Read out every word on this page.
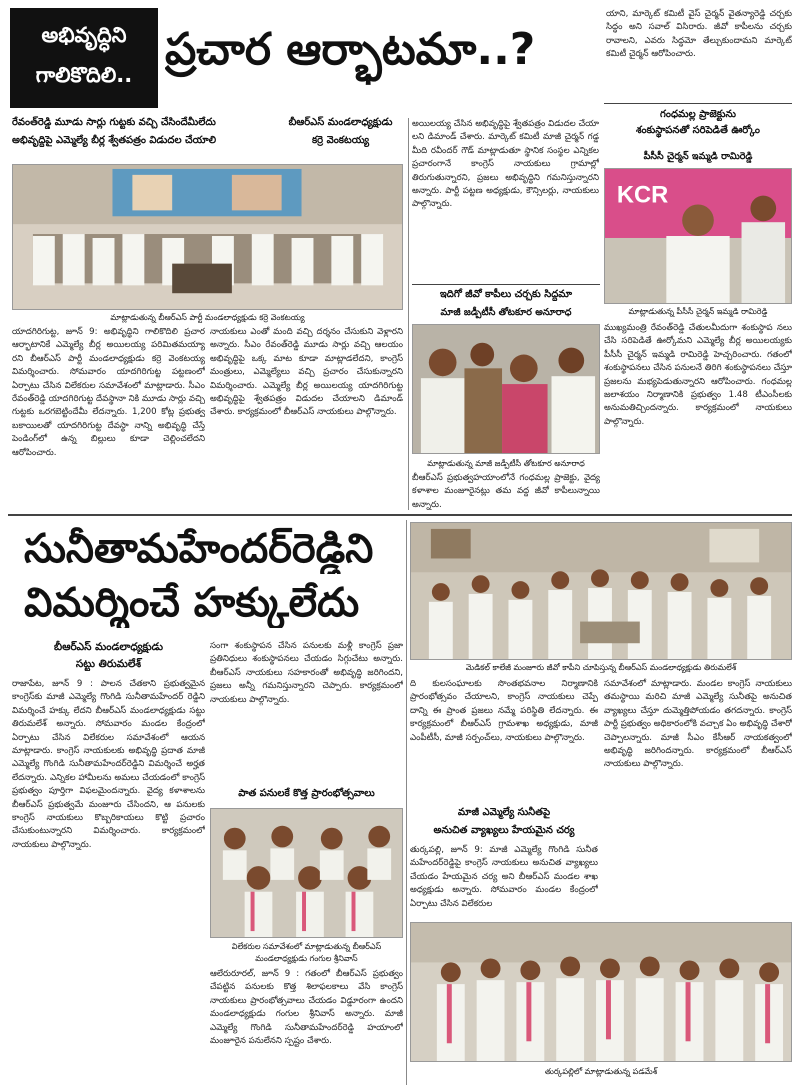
అభివృద్ధిని
గాలికొదిలి.. ప్రచార ఆర్భాటమా..?
రేవంత్‌రెడ్డి మూడు సార్లు గుట్టకు వచ్చి చేసిందేమీలేదు
అభివృద్ధిపై ఎమ్మెల్యే బీర్ల శ్వేతపత్రం విడుదల చేయాలి
బీఆర్‌ఎస్‌ మండలాధ్యక్షుడు
కర్రె వెంకటయ్య
మాట్లాడుతున్న బీఆర్‌ఎస్‌ పార్టీ మండలాధ్యక్షుడు కర్రె వెంకటయ్య
యాదగిరిగుట్ట, జూన్‌ 9: అభివృద్ధిని గాలికొదిలి ప్రచార ఆర్భాటానికే ఎమ్మెల్యే బీర్ల అయిలయ్య పరిమితమయ్యా రని బీఆర్‌ఎస్‌ పార్టీ మండలాధ్యక్షుడు కర్రె వెంకటయ్య విమర్శించారు. సోమవారం యాదగిరిగుట్ట పట్టణంలో ఏర్పాటు చేసిన విలేకరుల సమావేశంలో మాట్లాడారు. సీఎం రేవంత్‌రెడ్డి యాదగిరిగుట్ట దేవస్థానా నికి మూడు సార్లు వచ్చి గుట్టకు ఒరగబెట్టిందేమీ లేదన్నారు. 1,200 కోట్ల ప్రభుత్వ బకాయిలతో యాదగిరిగుట్ట దేవస్థా నాన్ని అభివృద్ధి చేస్తే పెండింగ్‌లో ఉన్న బిల్లులు కూడా చెల్లించలేదని ఆరోపించారు.
నాయకులు ఎంతో మంది వచ్చి దర్శనం చేసుకుని వెళ్లారని అన్నారు. సీఎం రేవంత్‌రెడ్డి మూడు సార్లు వచ్చి ఆలయం అభివృద్ధిపై ఒక్క మాట కూడా మాట్లాడలేదని, కాంగ్రెస్‌ మంత్రులు, ఎమ్మెల్యేలు వచ్చి ప్రచారం చేసుకున్నారని విమర్శించారు. ఎమ్మెల్యే బీర్ల అయిలయ్య యాదగిరిగుట్ట అభివృద్ధిపై శ్వేతపత్రం విడుదల చేయాలని డిమాండ్‌ చేశారు. కార్యక్రమంలో బీఆర్‌ఎస్‌ నాయకులు పాల్గొన్నారు.
అయిలయ్య చేసిన అభివృద్ధిపై శ్వేతపత్రం విడుదల చేయా లని డిమాండ్‌ చేశారు. మార్కెట్‌ కమిటీ మాజీ చైర్మన్‌ గడ్డ మీది రవీందర్‌ గౌడ్‌ మాట్లాడుతూ స్థానిక సంస్థల ఎన్నికల ప్రచారంగానే కాంగ్రెస్‌ నాయకులు గ్రామాల్లో తిరుగుతున్నారని, ప్రజలు అభివృద్ధిని గమనిస్తున్నారని అన్నారు. పార్టీ పట్టణ అధ్యక్షుడు, కౌన్సిలర్లు, నాయకులు పాల్గొన్నారు.
యాని, మార్కెట్‌ కమిటీ వైస్‌ చైర్మన్‌ వైతన్యారెడ్డి చర్చకు సిద్ధం అని సవాల్‌ విసిరారు. జీవో కాపీలను చర్చకు రావాలని, ఎవరు సిద్ధమో తేల్చుకుందామని మార్కెట్‌ కమిటీ చైర్మన్‌ ఆరోపించారు.
గంధమల్ల ప్రాజెక్టును
శంకుస్థాపనతో సరిపెడితే ఊర్కోం
పీసీసీ చైర్మన్‌ ఇమ్మడి రామిరెడ్డి
KCR
మాట్లాడుతున్న పీసీసీ చైర్మన్‌ ఇమ్మడి రామిరెడ్డి
ముఖ్యమంత్రి రేవంత్‌రెడ్డి చేతులమీదుగా శంకుస్థాప నలు చేసి సరిపెడితే ఊర్కోమని ఎమ్మెల్యే బీర్ల అయిలయ్యకు పీసీసీ చైర్మన్‌ ఇమ్మడి రామిరెడ్డి హెచ్చరించారు. గతంలో శంకుస్థాపనలు చేసిన పనులనే తిరిగి శంకుస్థాపనలు చేస్తూ ప్రజలను మభ్యపెడుతున్నారని ఆరోపించారు. గంధమల్ల జలాశయం నిర్మాణానికి ప్రభుత్వం 1.48 టీఎంసీలకు అనుమతిచ్చిందన్నారు. కార్యక్రమంలో నాయకులు పాల్గొన్నారు.
ఇదిగో జీవో కాపీలు చర్చకు సిద్ధమా
మాజీ జడ్పీటీసీ తోటకూర అనూరాధ
మాట్లాడుతున్న మాజీ జడ్పీటీసీ తోటకూర అనూరాధ
బీఆర్‌ఎస్‌ ప్రభుత్వహయాంలోనే గంధమల్ల ప్రాజెక్టు, వైద్య కళాశాల మంజూరైనట్లు తమ వద్ద జీవో కాపీలున్నాయి అన్నారు.
సునీతామహేందర్‌రెడ్డిని
విమర్శించే హక్కులేదు
బీఆర్‌ఎస్‌ మండలాధ్యక్షుడు
సట్టు తిరుమలేశ్‌
రాజాపేట, జూన్‌ 9 : పాలన చేతకాని ప్రభుత్వమైన కాంగ్రెస్‌కు మాజీ ఎమ్మెల్యే గొంగిడి సునీతామహేందర్‌ రెడ్డిని విమర్శించే హక్కు లేదని బీఆర్‌ఎస్‌ మండలాధ్యక్షుడు సట్టు తిరుమలేశ్‌ అన్నారు. సోమవారం మండల కేంద్రంలో ఏర్పాటు చేసిన విలేకరుల సమావేశంలో ఆయన మాట్లాడారు. కాంగ్రెస్‌ నాయకులకు అభివృద్ధి ప్రదాత మాజీ ఎమ్మెల్యే గొంగిడి సునీతామహేందర్‌రెడ్డిని విమర్శించే అర్హత లేదన్నారు. ఎన్నికల హామీలను అమలు చేయడంలో కాంగ్రెస్‌ ప్రభుత్వం పూర్తిగా విఫలమైందన్నారు. వైద్య కళాశాలను బీఆర్‌ఎస్‌ ప్రభుత్వమే మంజూరు చేసిందని, ఆ పనులకు కాంగ్రెస్‌ నాయకులు కొబ్బరికాయలు కొట్టి ప్రచారం చేసుకుంటున్నారని విమర్శించారు. కార్యక్రమంలో నాయకులు పాల్గొన్నారు.
సంగా శంకుస్థాపన చేసిన పనులకు మళ్లీ కాంగ్రెస్‌ ప్రజా ప్రతినిధులు శంకుస్థాపనలు చేయడం సిగ్గుచేటు అన్నారు. బీఆర్‌ఎస్‌ నాయకులు సహకారంతో అభివృద్ధి జరిగిందని, ప్రజలు అన్నీ గమనిస్తున్నారని చెప్పారు. కార్యక్రమంలో నాయకులు పాల్గొన్నారు.
పాత పనులకే కొత్త ప్రారంభోత్సవాలు
విలేకరుల సమావేశంలో మాట్లాడుతున్న బీఆర్‌ఎస్‌
మండలాధ్యక్షుడు గంగుల శ్రీనివాస్‌
ఆలేరురూరల్‌, జూన్‌ 9 : గతంలో బీఆర్‌ఎస్‌ ప్రభుత్వం చేపట్టిన పనులకు కొత్త శిలాఫలకాలు వేసి కాంగ్రెస్‌ నాయకులు ప్రారంభోత్సవాలు చేయడం విడ్డూరంగా ఉందని మండలాధ్యక్షుడు గంగుల శ్రీనివాస్‌ అన్నారు. మాజీ ఎమ్మెల్యే గొంగిడి సునీతామహేందర్‌రెడ్డి హయాంలో మంజూరైన పనులేనని స్పష్టం చేశారు.
మెడికల్‌ కాలేజీ మంజూరు జీవో కాపీని చూపిస్తున్న బీఆర్‌ఎస్‌ మండలాధ్యక్షుడు తిరుమలేశ్‌
ది కులసంఘాలకు సొంతభవనాల నిర్మాణానికి ప్రారంభోత్సవం చేయాలని, కాంగ్రెస్‌ నాయకులు చెప్పే దాన్ని ఈ ప్రాంత ప్రజలు నమ్మే పరిస్థితి లేదన్నారు. ఈ కార్యక్రమంలో బీఆర్‌ఎస్‌ గ్రామశాఖ అధ్యక్షుడు, మాజీ ఎంపీటీసీ, మాజీ సర్పంచ్‌లు, నాయకులు పాల్గొన్నారు.
సమావేశంలో మాట్లాడారు. మండల కాంగ్రెస్‌ నాయకులు తమస్థాయి మరిచి మాజీ ఎమ్మెల్యే సునీతపై అనుచిత వ్యాఖ్యలు చేస్తూ దుమ్మెత్తిపోయడం తగదన్నారు. కాంగ్రెస్‌ పార్టీ ప్రభుత్వం అధికారంలోకి వచ్చాక ఏం అభివృద్ధి చేశారో చెప్పాలన్నారు. మాజీ సీఎం కేసీఆర్‌ నాయకత్వంలో అభివృద్ధి జరిగిందన్నారు. కార్యక్రమంలో బీఆర్‌ఎస్‌ నాయకులు పాల్గొన్నారు.
మాజీ ఎమ్మెల్యే సునీతపై
అనుచిత వ్యాఖ్యలు హేయమైన చర్య
తుర్కపల్లి, జూన్‌ 9: మాజీ ఎమ్మెల్యే గొంగిడి సునీత మహేందర్‌రెడ్డిపై కాంగ్రెస్‌ నాయకులు అనుచిత వ్యాఖ్యలు చేయడం హేయమైన చర్య అని బీఆర్‌ఎస్‌ మండల శాఖ అధ్యక్షుడు అన్నారు. సోమవారం మండల కేంద్రంలో ఏర్పాటు చేసిన విలేకరుల
తుర్కపల్లిలో మాట్లాడుతున్న పడమేశ్‌
